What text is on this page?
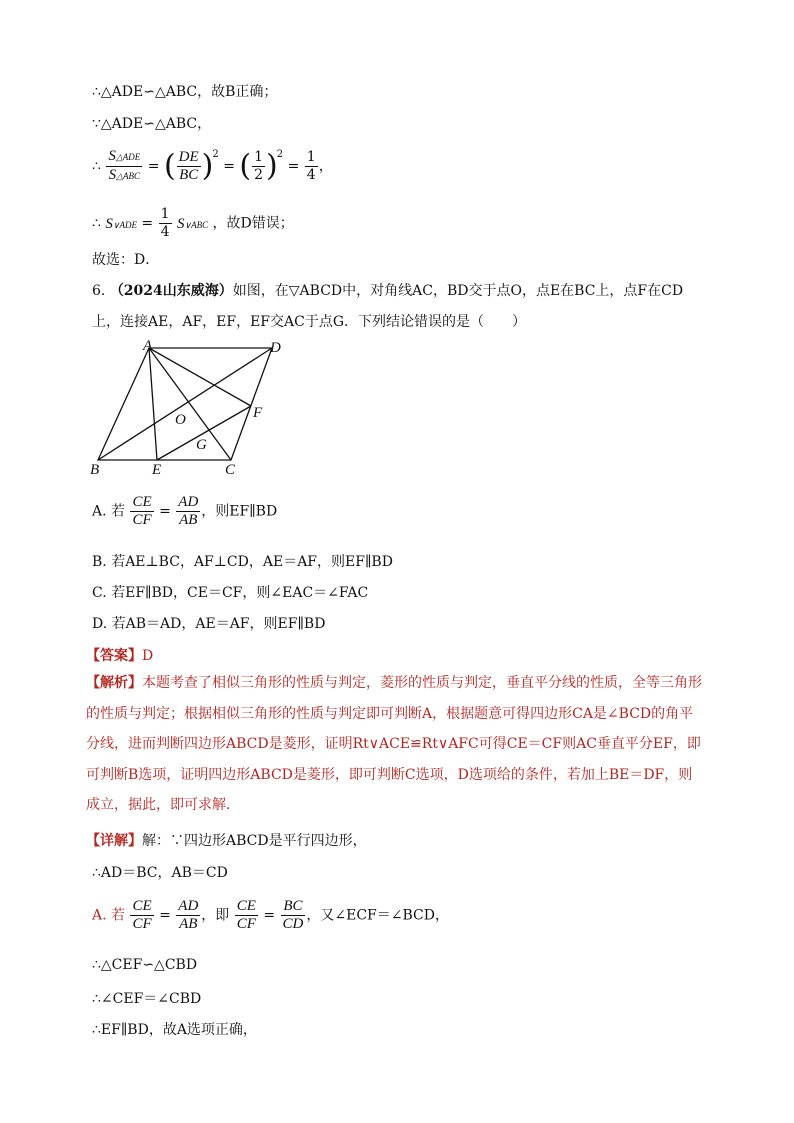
∴△ADE∽△ABC，故B正确；
∵△ADE∽△ABC，
∴ $\frac{\text{S△ADE}}{\text{S△ABC}}$ = ( $\frac{DE}{BC} )^2$ = ( $\frac{1}{2} )^2 = \frac{1}{4}$ ，
∴ S∨ADE = $\frac{1}{4}$ S∨ABC ，故D错误；
故选：D．
6. （2024山东威海）如图，在▽ABCD中，对角线AC，BD交于点O，点E在BC上，点F在CD
上，连接AE，AF，EF，EF交AC于点G．下列结论错误的是（　　）
A	D
O	F
G
B	E	C
A. 若 $\frac{CE}{CF} = \frac{AD}{AB}$ ，则EF∥BD
B. 若AE⊥BC，AF⊥CD，AE＝AF，则EF∥BD
C. 若EF∥BD，CE＝CF，则∠EAC＝∠FAC
D. 若AB＝AD，AE＝AF，则EF∥BD
【答案】D
【解析】本题考查了相似三角形的性质与判定，菱形的性质与判定，垂直平分线的性质，全等三角形的性质与判定；根据相似三角形的性质与判定即可判断A，根据题意可得四边形CA是∠BCD的角平分线，进而判断四边形ABCD是菱形，证明Rt∨ACE≌Rt∨AFC可得CE＝CF则AC垂直平分EF，即可判断B选项，证明四边形ABCD是菱形，即可判断C选项，D选项给的条件，若加上BE＝DF，则成立，据此，即可求解．
【详解】解：∵四边形ABCD是平行四边形，
∴AD＝BC，AB＝CD
A. 若 $\frac{CE}{CF} = \frac{AD}{AB}$ ，即 $\frac{CE}{CF} = \frac{BC}{CD}$ ，又∠ECF＝∠BCD，
∴△CEF∽△CBD
∴∠CEF＝∠CBD
∴EF∥BD，故A选项正确，
